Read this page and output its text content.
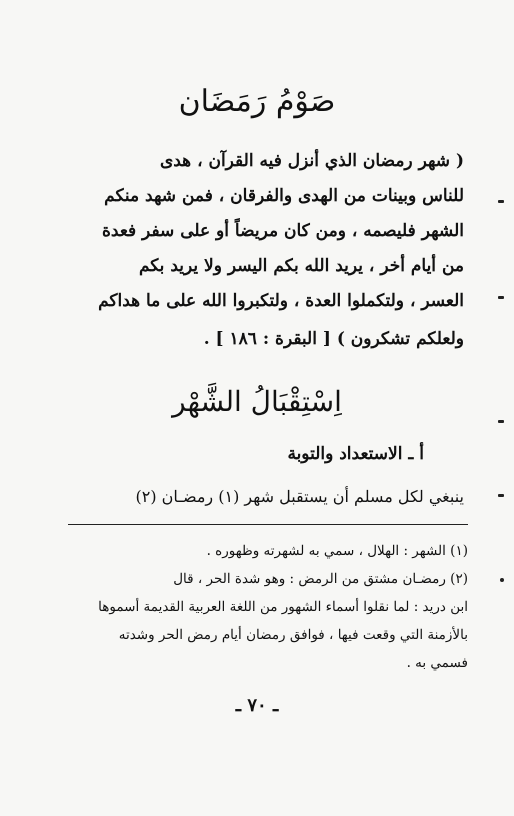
صَوْمُ رَمَضَان
( شهر رمضان الذي أنزل فيه القرآن ، هدى
للناس وبينات من الهدى والفرقان ، فمن شهد منكم
الشهر فليصمه ، ومن كان مريضاً أو على سفر فعدة
من أيام أخر ، يريد الله بكم اليسر ولا يريد بكم
العسر ، ولتكملوا العدة ، ولتكبروا الله على ما هداكم
ولعلكم تشكرون ) [ البقرة : ١٨٦ ] .
اِسْتِقْبَالُ الشَّهْر
أ ـ الاستعداد والتوبة
ينبغي لكل مسلم أن يستقبل شهر (١) رمضـان (٢)
(١) الشهر : الهلال ، سمي به لشهرته وظهوره .
(٢) رمضـان مشتق من الرمض : وهو شدة الحر ، قال
ابن دريد : لما نقلوا أسماء الشهور من اللغة العربية القديمة أسموها
بالأزمنة التي وقعت فيها ، فوافق رمضان أيام رمض الحر وشدته
فسمي به .
ـ ٧٠ ـ
